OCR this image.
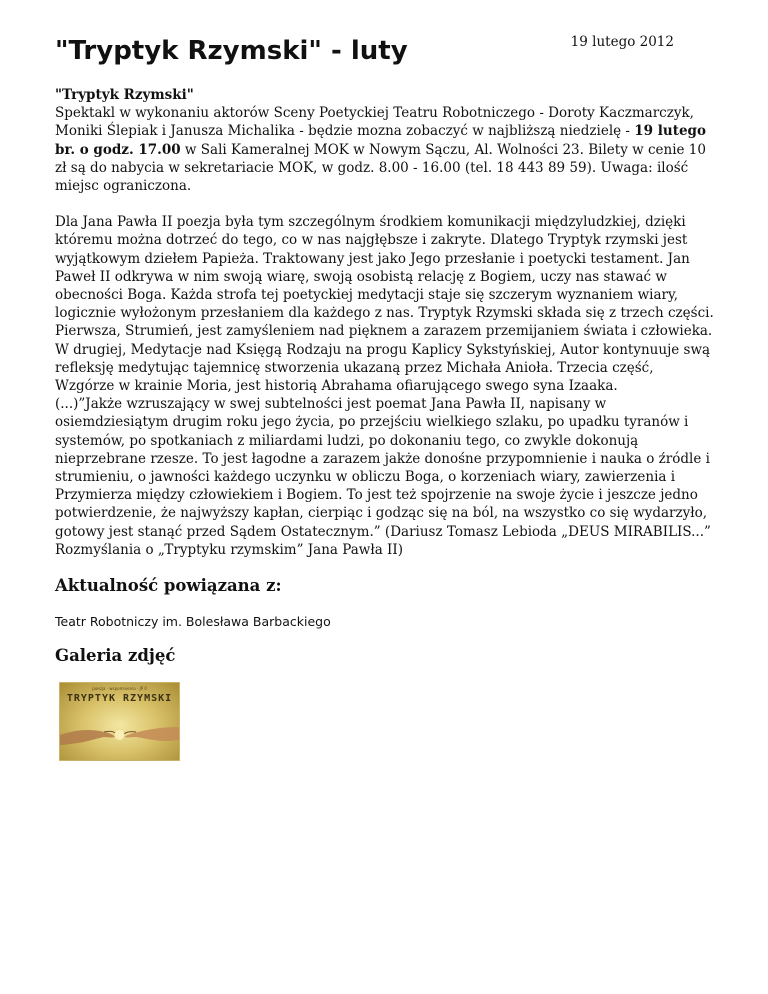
19 lutego 2012
"Tryptyk Rzymski" - luty
"Tryptyk Rzymski"
Spektakl w wykonaniu aktorów Sceny Poetyckiej Teatru Robotniczego - Doroty Kaczmarczyk, Moniki Ślepiak i Janusza Michalika - będzie mozna zobaczyć w najbliższą niedzielę - 19 lutego br. o godz. 17.00 w Sali Kameralnej MOK w Nowym Sączu, Al. Wolności 23. Bilety w cenie 10 zł są do nabycia w sekretariacie MOK, w godz. 8.00 - 16.00 (tel. 18 443 89 59). Uwaga: ilość miejsc ograniczona.

Dla Jana Pawła II poezja była tym szczególnym środkiem komunikacji międzyludzkiej, dzięki któremu można dotrzeć do tego, co w nas najgłębsze i zakryte. Dlatego Tryptyk rzymski jest wyjątkowym dziełem Papieża. Traktowany jest jako Jego przesłanie i poetycki testament. Jan Paweł II odkrywa w nim swoją wiarę, swoją osobistą relację z Bogiem, uczy nas stawać w obecności Boga. Każda strofa tej poetyckiej medytacji staje się szczerym wyznaniem wiary, logicznie wyłożonym przesłaniem dla każdego z nas. Tryptyk Rzymski składa się z trzech części. Pierwsza, Strumień, jest zamyśleniem nad pięknem a zarazem przemijaniem świata i człowieka. W drugiej, Medytacje nad Księgą Rodzaju na progu Kaplicy Sykstyńskiej, Autor kontynuuje swą refleksję medytując tajemnicę stworzenia ukazaną przez Michała Anioła. Trzecia część, Wzgórze w krainie Moria, jest historią Abrahama ofiarującego swego syna Izaaka.

(...)”Jakże wzruszający w swej subtelności jest poemat Jana Pawła II, napisany w osiemdziesiątym drugim roku jego życia, po przejściu wielkiego szlaku, po upadku tyranów i systemów, po spotkaniach z miliardami ludzi, po dokonaniu tego, co zwykle dokonują nieprzebrane rzesze. To jest łagodne a zarazem jakże donośne przypomnienie i nauka o źródle i strumieniu, o jawności każdego uczynku w obliczu Boga, o korzeniach wiary, zawierzenia i Przymierza między człowiekiem i Bogiem. To jest też spojrzenie na swoje życie i jeszcze jedno potwierdzenie, że najwyższy kapłan, cierpiąc i godząc się na ból, na wszystko co się wydarzyło, gotowy jest stanąć przed Sądem Ostatecznym.” (Dariusz Tomasz Lebioda „DEUS MIRABILIS...” Rozmyślania o „Tryptyku rzymskim” Jana Pawła II)

Aktualność powiązana z:
Teatr Robotniczy im. Bolesława Barbackiego
Galeria zdjęć
poezja · wspomnienia · JP II
TRYPTYK RZYMSKI
